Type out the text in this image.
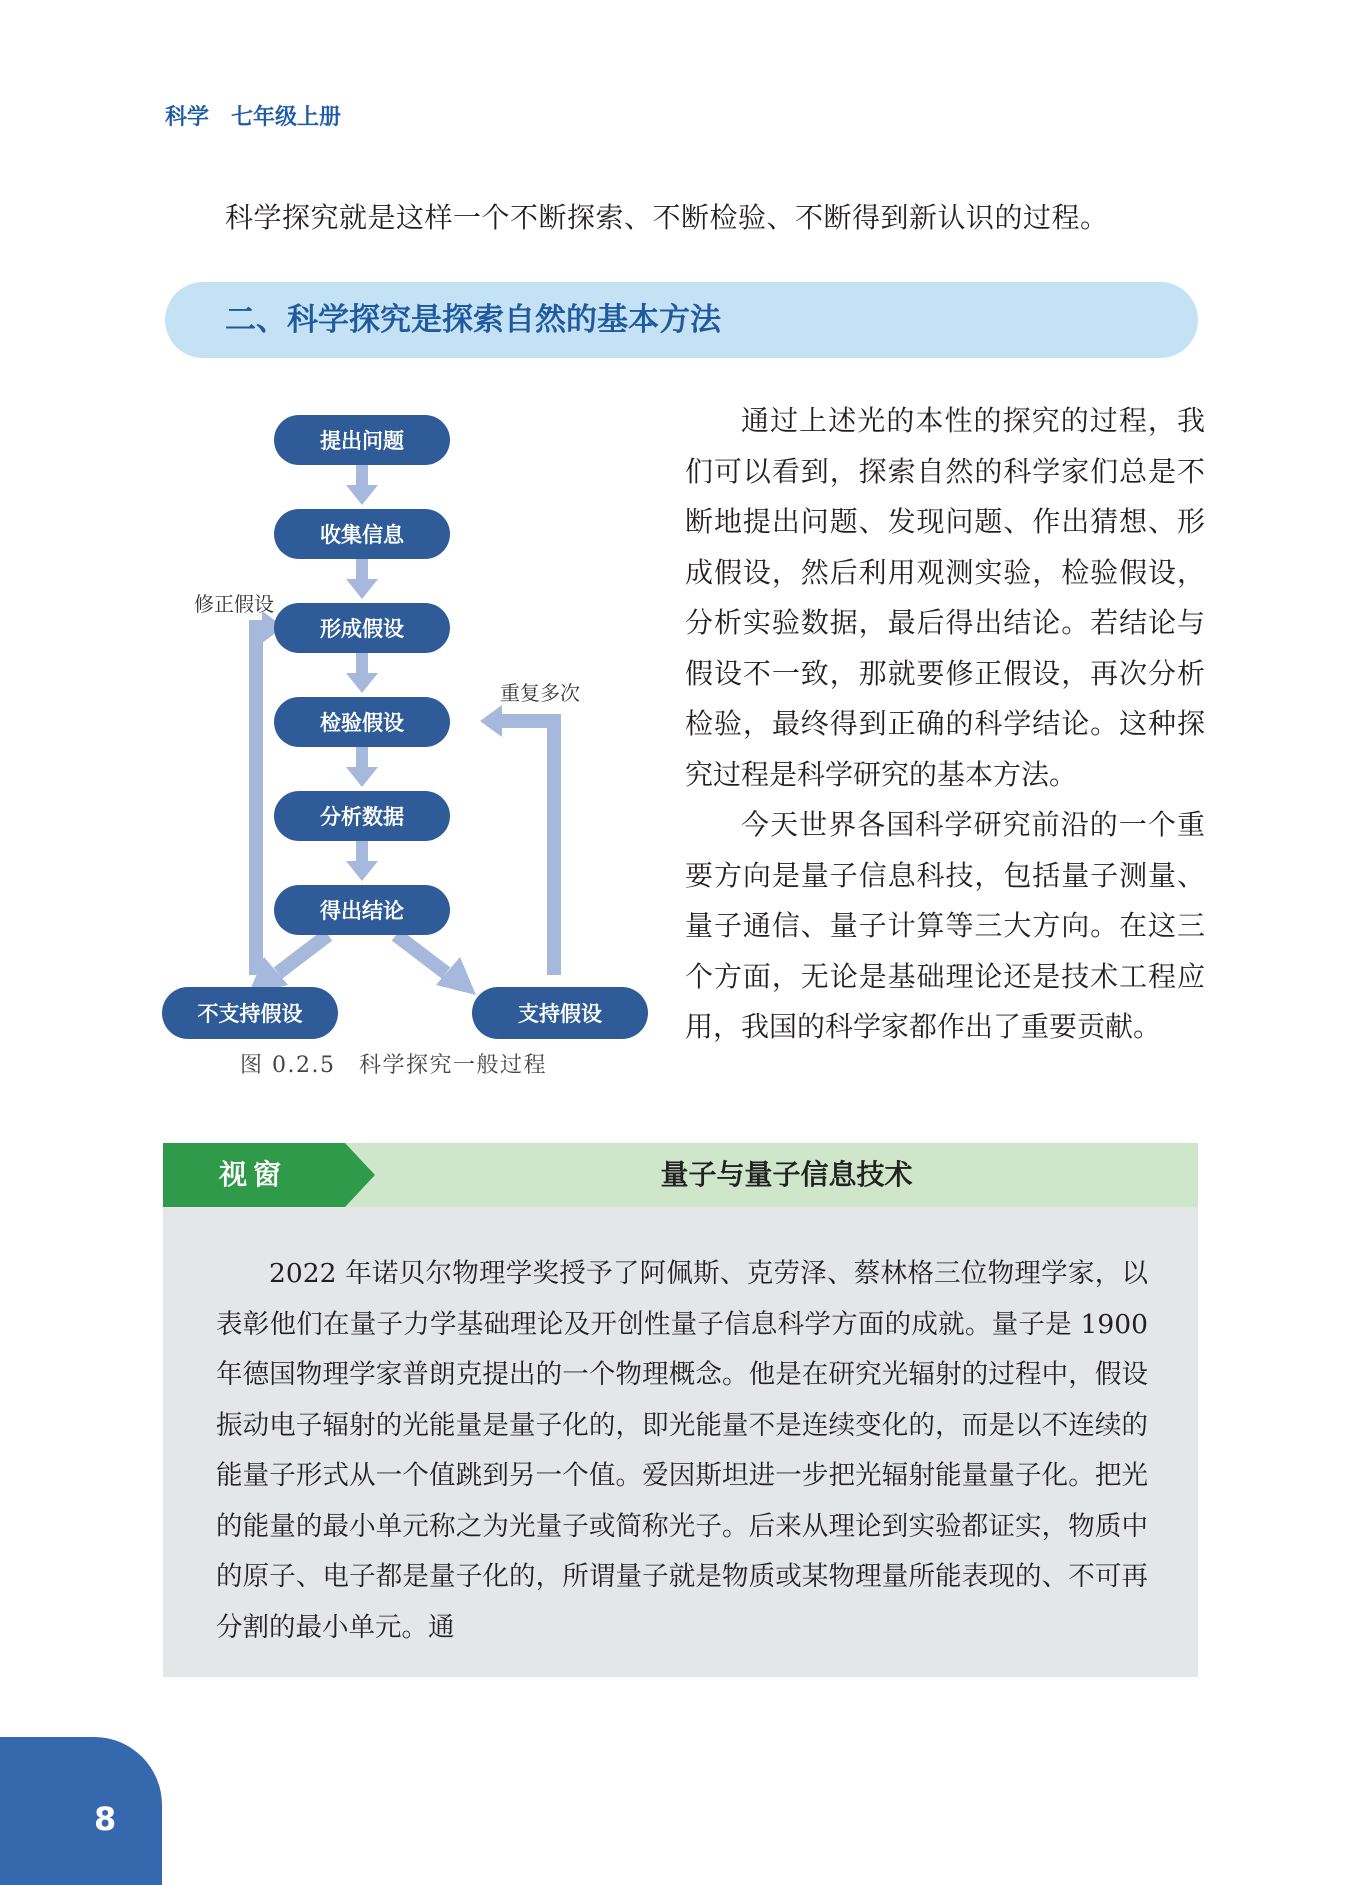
科学　 七年级上册
科学探究就是这样一个不断探索、不断检验、不断得到新认识的过程。
二、科学探究是探索自然的基本方法
提出问题
收集信息
形成假设
检验假设
分析数据
得出结论
不支持假设	支持假设
修正假设
重复多次
图 0.2.5　科学探究一般过程

通过上述光的本性的探究的过程，我们可以看到，探索自然的科学家们总是不断地提出问题、发现问题、作出猜想、形成假设，然后利用观测实验，检验假设，分析实验数据，最后得出结论。若结论与假设不一致，那就要修正假设，再次分析检验，最终得到正确的科学结论。这种探究过程是科学研究的基本方法。

今天世界各国科学研究前沿的一个重要方向是量子信息科技，包括量子测量、量子通信、量子计算等三大方向。在这三个方面，无论是基础理论还是技术工程应用，我国的科学家都作出了重要贡献。

视窗	量子与量子信息技术

2022 年诺贝尔物理学奖授予了阿佩斯、克劳泽、蔡林格三位物理学家，以表彰他们在量子力学基础理论及开创性量子信息科学方面的成就。量子是 1900 年德国物理学家普朗克提出的一个物理概念。他是在研究光辐射的过程中，假设振动电子辐射的光能量是量子化的，即光能量不是连续变化的，而是以不连续的能量子形式从一个值跳到另一个值。爱因斯坦进一步把光辐射能量量子化。把光的能量的最小单元称之为光量子或简称光子。后来从理论到实验都证实，物质中的原子、电子都是量子化的，所谓量子就是物质或某物理量所能表现的、不可再分割的最小单元。通

8
